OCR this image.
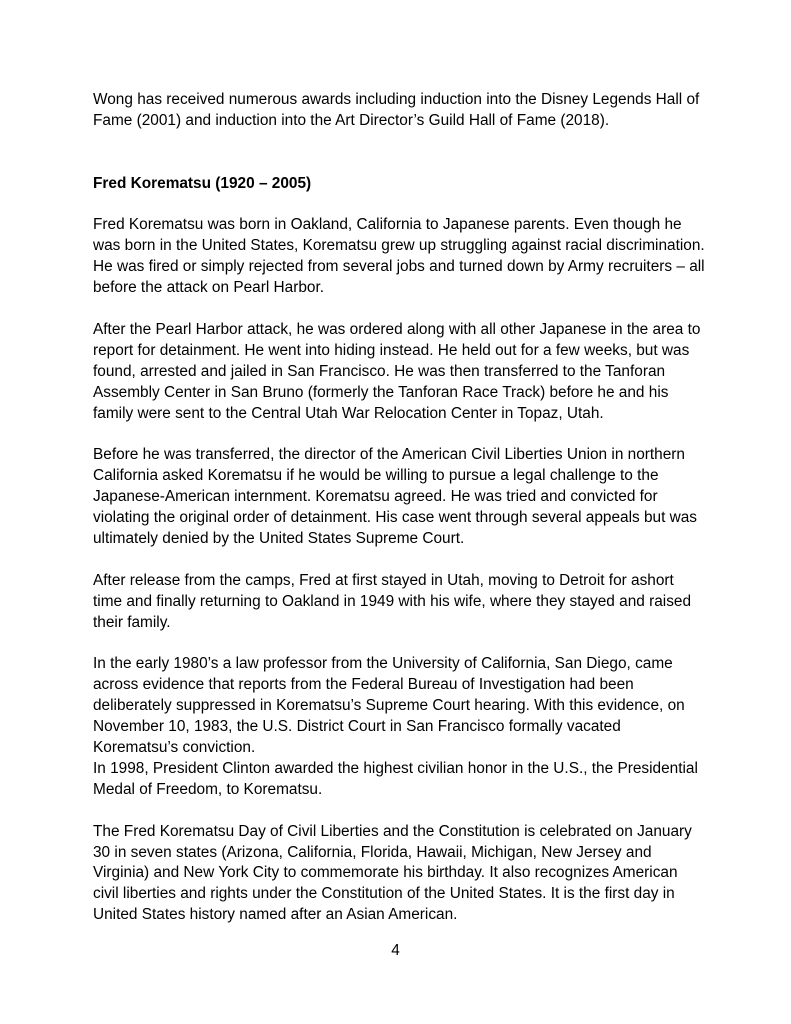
Wong has received numerous awards including induction into the Disney Legends Hall of Fame (2001) and induction into the Art Director’s Guild Hall of Fame (2018).

Fred Korematsu (1920 – 2005)

Fred Korematsu was born in Oakland, California to Japanese parents. Even though he was born in the United States, Korematsu grew up struggling against racial discrimination. He was fired or simply rejected from several jobs and turned down by Army recruiters – all before the attack on Pearl Harbor.

After the Pearl Harbor attack, he was ordered along with all other Japanese in the area to report for detainment. He went into hiding instead. He held out for a few weeks, but was found, arrested and jailed in San Francisco. He was then transferred to the Tanforan Assembly Center in San Bruno (formerly the Tanforan Race Track) before he and his family were sent to the Central Utah War Relocation Center in Topaz, Utah.

Before he was transferred, the director of the American Civil Liberties Union in northern California asked Korematsu if he would be willing to pursue a legal challenge to the Japanese-American internment. Korematsu agreed. He was tried and convicted for violating the original order of detainment. His case went through several appeals but was ultimately denied by the United States Supreme Court.

After release from the camps, Fred at first stayed in Utah, moving to Detroit for ashort time and finally returning to Oakland in 1949 with his wife, where they stayed and raised their family.

In the early 1980’s a law professor from the University of California, San Diego, came across evidence that reports from the Federal Bureau of Investigation had been deliberately suppressed in Korematsu’s Supreme Court hearing. With this evidence, on November 10, 1983, the U.S. District Court in San Francisco formally vacated Korematsu’s conviction.

In 1998, President Clinton awarded the highest civilian honor in the U.S., the Presidential Medal of Freedom, to Korematsu.

The Fred Korematsu Day of Civil Liberties and the Constitution is celebrated on January 30 in seven states (Arizona, California, Florida, Hawaii, Michigan, New Jersey and Virginia) and New York City to commemorate his birthday. It also recognizes American civil liberties and rights under the Constitution of the United States. It is the first day in United States history named after an Asian American.

4
